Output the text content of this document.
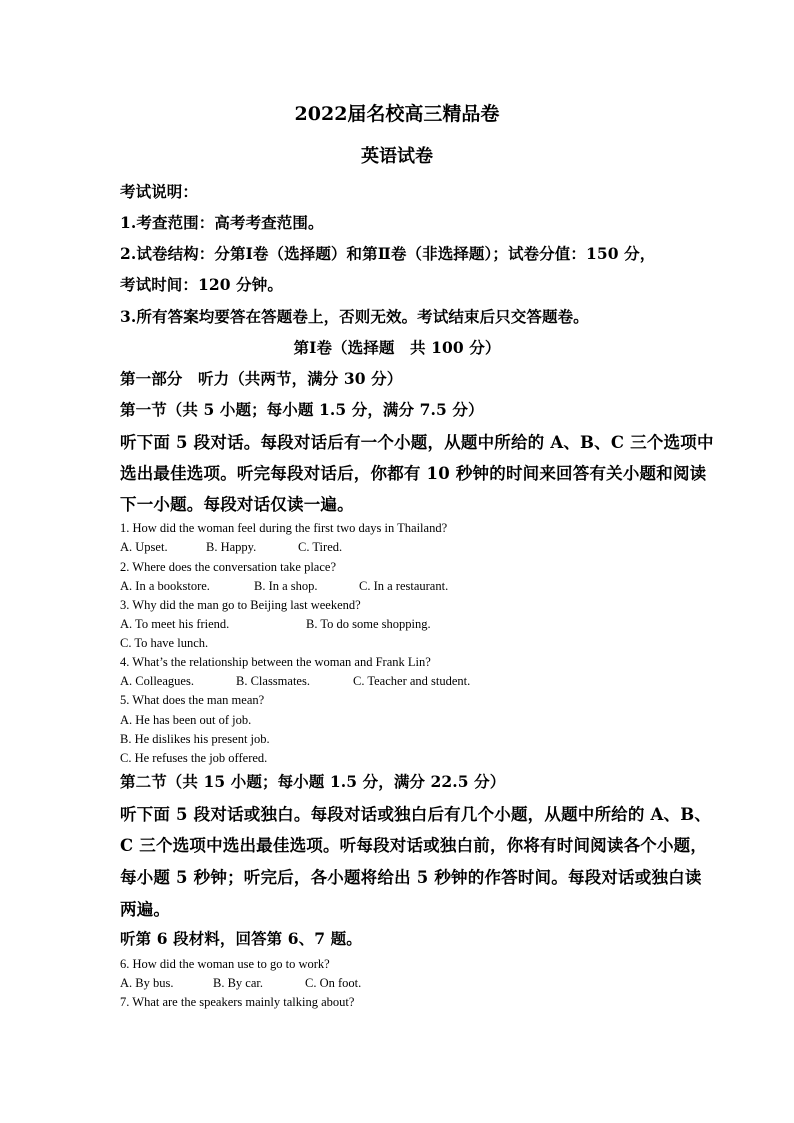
2022届名校高三精品卷
英语试卷
考试说明：
1.考查范围：高考考查范围。
2.试卷结构：分第Ⅰ卷（选择题）和第Ⅱ卷（非选择题）；试卷分值：150 分，
考试时间：120 分钟。
3.所有答案均要答在答题卷上，否则无效。考试结束后只交答题卷。
第Ⅰ卷（选择题　共 100 分）
第一部分　听力（共两节，满分 30 分）
第一节（共 5 小题；每小题 1.5 分，满分 7.5 分）
听下面 5 段对话。每段对话后有一个小题，从题中所给的 A、B、C 三个选项中
选出最佳选项。听完每段对话后，你都有 10 秒钟的时间来回答有关小题和阅读
下一小题。每段对话仅读一遍。
1. How did the woman feel during the first two days in Thailand?
A. Upset.	B. Happy.	C. Tired.
2. Where does the conversation take place?
A. In a bookstore.	B. In a shop.	C. In a restaurant.
3. Why did the man go to Beijing last weekend?
A. To meet his friend.	B. To do some shopping.
C. To have lunch.
4. What’s the relationship between the woman and Frank Lin?
A. Colleagues.	B. Classmates.	C. Teacher and student.
5. What does the man mean?
A. He has been out of job.
B. He dislikes his present job.
C. He refuses the job offered.
第二节（共 15 小题；每小题 1.5 分，满分 22.5 分）
听下面 5 段对话或独白。每段对话或独白后有几个小题，从题中所给的 A、B、
C 三个选项中选出最佳选项。听每段对话或独白前，你将有时间阅读各个小题，
每小题 5 秒钟；听完后，各小题将给出 5 秒钟的作答时间。每段对话或独白读
两遍。
听第 6 段材料，回答第 6、7 题。
6. How did the woman use to go to work?
A. By bus.	B. By car.	C. On foot.
7. What are the speakers mainly talking about?
